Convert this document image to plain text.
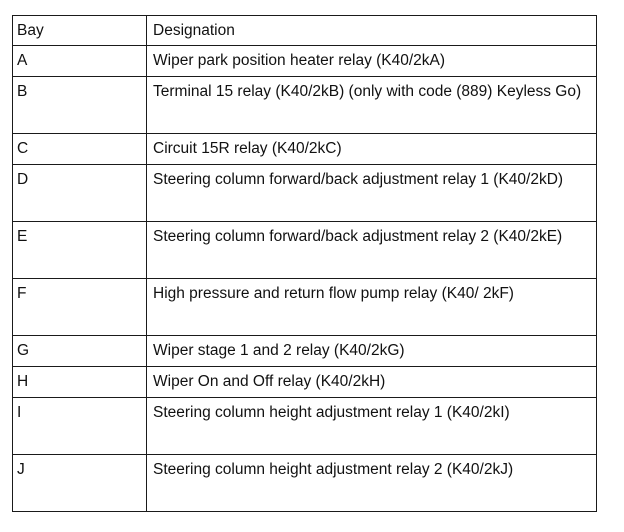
Bay	Designation
A	Wiper park position heater relay (K40/2kA)
B	Terminal 15 relay (K40/2kB) (only with code (889) Keyless Go)
C	Circuit 15R relay (K40/2kC)
D	Steering column forward/back adjustment relay 1 (K40/2kD)
E	Steering column forward/back adjustment relay 2 (K40/2kE)
F	High pressure and return flow pump relay (K40/ 2kF)
G	Wiper stage 1 and 2 relay (K40/2kG)
H	Wiper On and Off relay (K40/2kH)
I	Steering column height adjustment relay 1 (K40/2kI)
J	Steering column height adjustment relay 2 (K40/2kJ)
